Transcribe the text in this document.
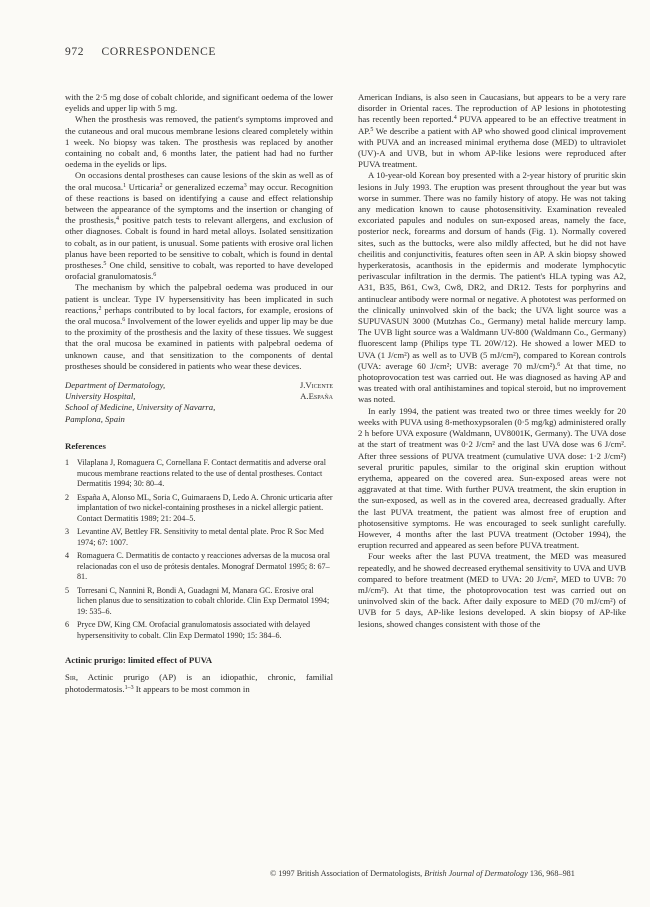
972 CORRESPONDENCE

with the 2·5 mg dose of cobalt chloride, and significant oedema of the lower eyelids and upper lip with 5 mg.

When the prosthesis was removed, the patient's symptoms improved and the cutaneous and oral mucous membrane lesions cleared completely within 1 week. No biopsy was taken. The prosthesis was replaced by another containing no cobalt and, 6 months later, the patient had had no further oedema in the eyelids or lips.

On occasions dental prostheses can cause lesions of the skin as well as of the oral mucosa.$^1$ Urticaria$^2$ or generalized eczema$^3$ may occur. Recognition of these reactions is based on identifying a cause and effect relationship between the appearance of the symptoms and the insertion or changing of the prosthesis,$^4$ positive patch tests to relevant allergens, and exclusion of other diagnoses. Cobalt is found in hard metal alloys. Isolated sensitization to cobalt, as in our patient, is unusual. Some patients with erosive oral lichen planus have been reported to be sensitive to cobalt, which is found in dental prostheses.$^5$ One child, sensitive to cobalt, was reported to have developed orofacial granulomatosis.$^6$

The mechanism by which the palpebral oedema was produced in our patient is unclear. Type IV hypersensitivity has been implicated in such reactions,$^2$ perhaps contributed to by local factors, for example, erosions of the oral mucosa.$^6$ Involvement of the lower eyelids and upper lip may be due to the proximity of the prosthesis and the laxity of these tissues. We suggest that the oral mucosa be examined in patients with palpebral oedema of unknown cause, and that sensitization to the components of dental prostheses should be considered in patients who wear these devices.

Department of Dermatology,
University Hospital,
School of Medicine, University of Navarra,
Pamplona, Spain
J.Vicente
A.España
References
1 Vilaplana J, Romaguera C, Cornellana F. Contact dermatitis and adverse oral mucous membrane reactions related to the use of dental prostheses. Contact Dermatitis 1994; 30: 80–4.
2 España A, Alonso ML, Soria C, Guimaraens D, Ledo A. Chronic urticaria after implantation of two nickel-containing prostheses in a nickel allergic patient. Contact Dermatitis 1989; 21: 204–5.
3 Levantine AV, Bettley FR. Sensitivity to metal dental plate. Proc R Soc Med 1974; 67: 1007.
4 Romaguera C. Dermatitis de contacto y reacciones adversas de la mucosa oral relacionadas con el uso de prótesis dentales. Monograf Dermatol 1995; 8: 67–81.
5 Torresani C, Nannini R, Bondi A, Guadagni M, Manara GC. Erosive oral lichen planus due to sensitization to cobalt chloride. Clin Exp Dermatol 1994; 19: 535–6.
6 Pryce DW, King CM. Orofacial granulomatosis associated with delayed hypersensitivity to cobalt. Clin Exp Dermatol 1990; 15: 384–6.
Actinic prurigo: limited effect of PUVA

Sir, Actinic prurigo (AP) is an idiopathic, chronic, familial photodermatosis.$^{1-3}$ It appears to be most common in

American Indians, is also seen in Caucasians, but appears to be a very rare disorder in Oriental races. The reproduction of AP lesions in phototesting has recently been reported.$^4$ PUVA appeared to be an effective treatment in AP.$^5$ We describe a patient with AP who showed good clinical improvement with PUVA and an increased minimal erythema dose (MED) to ultraviolet (UV)-A and UVB, but in whom AP-like lesions were reproduced after PUVA treatment.

A 10-year-old Korean boy presented with a 2-year history of pruritic skin lesions in July 1993. The eruption was present throughout the year but was worse in summer. There was no family history of atopy. He was not taking any medication known to cause photosensitivity. Examination revealed excoriated papules and nodules on sun-exposed areas, namely the face, posterior neck, forearms and dorsum of hands (Fig. 1). Normally covered sites, such as the buttocks, were also mildly affected, but he did not have cheilitis and conjunctivitis, features often seen in AP. A skin biopsy showed hyperkeratosis, acanthosis in the epidermis and moderate lymphocytic perivascular infiltration in the dermis. The patient's HLA typing was A2, A31, B35, B61, Cw3, Cw8, DR2, and DR12. Tests for porphyrins and antinuclear antibody were normal or negative. A phototest was performed on the clinically uninvolved skin of the back; the UVA light source was a SUPUVASUN 3000 (Mutzhas Co., Germany) metal halide mercury lamp. The UVB light source was a Waldmann UV-800 (Waldmann Co., Germany) fluorescent lamp (Philips type TL 20W/12). He showed a lower MED to UVA (1 J/cm²) as well as to UVB (5 mJ/cm²), compared to Korean controls (UVA: average 60 J/cm²; UVB: average 70 mJ/cm²).$^6$ At that time, no photoprovocation test was carried out. He was diagnosed as having AP and was treated with oral antihistamines and topical steroid, but no improvement was noted.

In early 1994, the patient was treated two or three times weekly for 20 weeks with PUVA using 8-methoxypsoralen (0·5 mg/kg) administered orally 2 h before UVA exposure (Waldmann, UV8001K, Germany). The UVA dose at the start of treatment was 0·2 J/cm² and the last UVA dose was 6 J/cm². After three sessions of PUVA treatment (cumulative UVA dose: 1·2 J/cm²) several pruritic papules, similar to the original skin eruption without erythema, appeared on the covered area. Sun-exposed areas were not aggravated at that time. With further PUVA treatment, the skin eruption in the sun-exposed, as well as in the covered area, decreased gradually. After the last PUVA treatment, the patient was almost free of eruption and photosensitive symptoms. He was encouraged to seek sunlight carefully. However, 4 months after the last PUVA treatment (October 1994), the eruption recurred and appeared as seen before PUVA treatment.

Four weeks after the last PUVA treatment, the MED was measured repeatedly, and he showed decreased erythemal sensitivity to UVA and UVB compared to before treatment (MED to UVA: 20 J/cm², MED to UVB: 70 mJ/cm²). At that time, the photoprovocation test was carried out on uninvolved skin of the back. After daily exposure to MED (70 mJ/cm²) of UVB for 5 days, AP-like lesions developed. A skin biopsy of AP-like lesions, showed changes consistent with those of the

© 1997 British Association of Dermatologists, British Journal of Dermatology 136, 968–981
